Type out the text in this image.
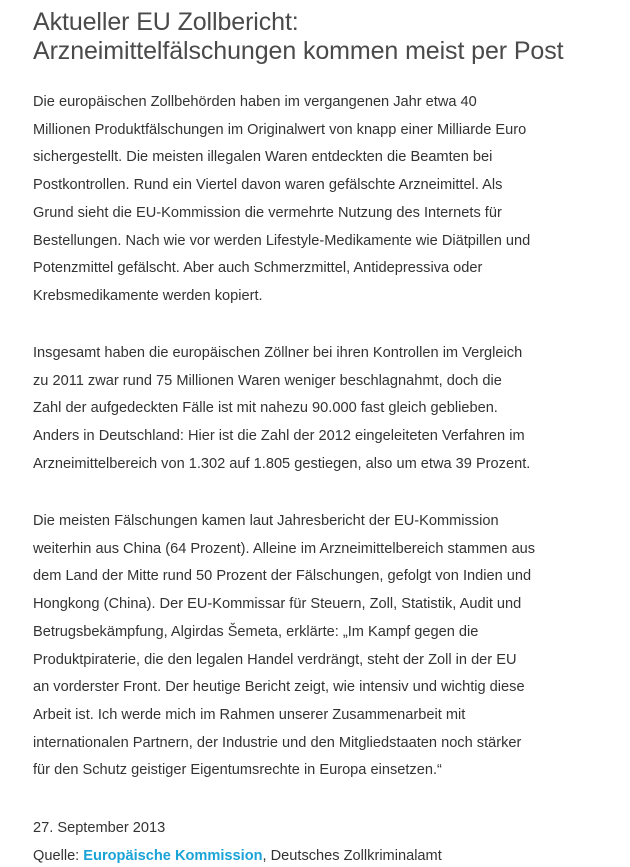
Aktueller EU Zollbericht:
Arzneimittelfälschungen kommen meist per Post

Die europäischen Zollbehörden haben im vergangenen Jahr etwa 40
Millionen Produktfälschungen im Originalwert von knapp einer Milliarde Euro
sichergestellt. Die meisten illegalen Waren entdeckten die Beamten bei
Postkontrollen. Rund ein Viertel davon waren gefälschte Arzneimittel. Als
Grund sieht die EU-Kommission die vermehrte Nutzung des Internets für
Bestellungen. Nach wie vor werden Lifestyle-Medikamente wie Diätpillen und
Potenzmittel gefälscht. Aber auch Schmerzmittel, Antidepressiva oder
Krebsmedikamente werden kopiert.

Insgesamt haben die europäischen Zöllner bei ihren Kontrollen im Vergleich
zu 2011 zwar rund 75 Millionen Waren weniger beschlagnahmt, doch die
Zahl der aufgedeckten Fälle ist mit nahezu 90.000 fast gleich geblieben.
Anders in Deutschland: Hier ist die Zahl der 2012 eingeleiteten Verfahren im
Arzneimittelbereich von 1.302 auf 1.805 gestiegen, also um etwa 39 Prozent.

Die meisten Fälschungen kamen laut Jahresbericht der EU-Kommission
weiterhin aus China (64 Prozent). Alleine im Arzneimittelbereich stammen aus
dem Land der Mitte rund 50 Prozent der Fälschungen, gefolgt von Indien und
Hongkong (China). Der EU-Kommissar für Steuern, Zoll, Statistik, Audit und
Betrugsbekämpfung, Algirdas Šemeta, erklärte: „Im Kampf gegen die
Produktpiraterie, die den legalen Handel verdrängt, steht der Zoll in der EU
an vorderster Front. Der heutige Bericht zeigt, wie intensiv und wichtig diese
Arbeit ist. Ich werde mich im Rahmen unserer Zusammenarbeit mit
internationalen Partnern, der Industrie und den Mitgliedstaaten noch stärker
für den Schutz geistiger Eigentumsrechte in Europa einsetzen.“

27. September 2013
Quelle: Europäische Kommission, Deutsches Zollkriminalamt
